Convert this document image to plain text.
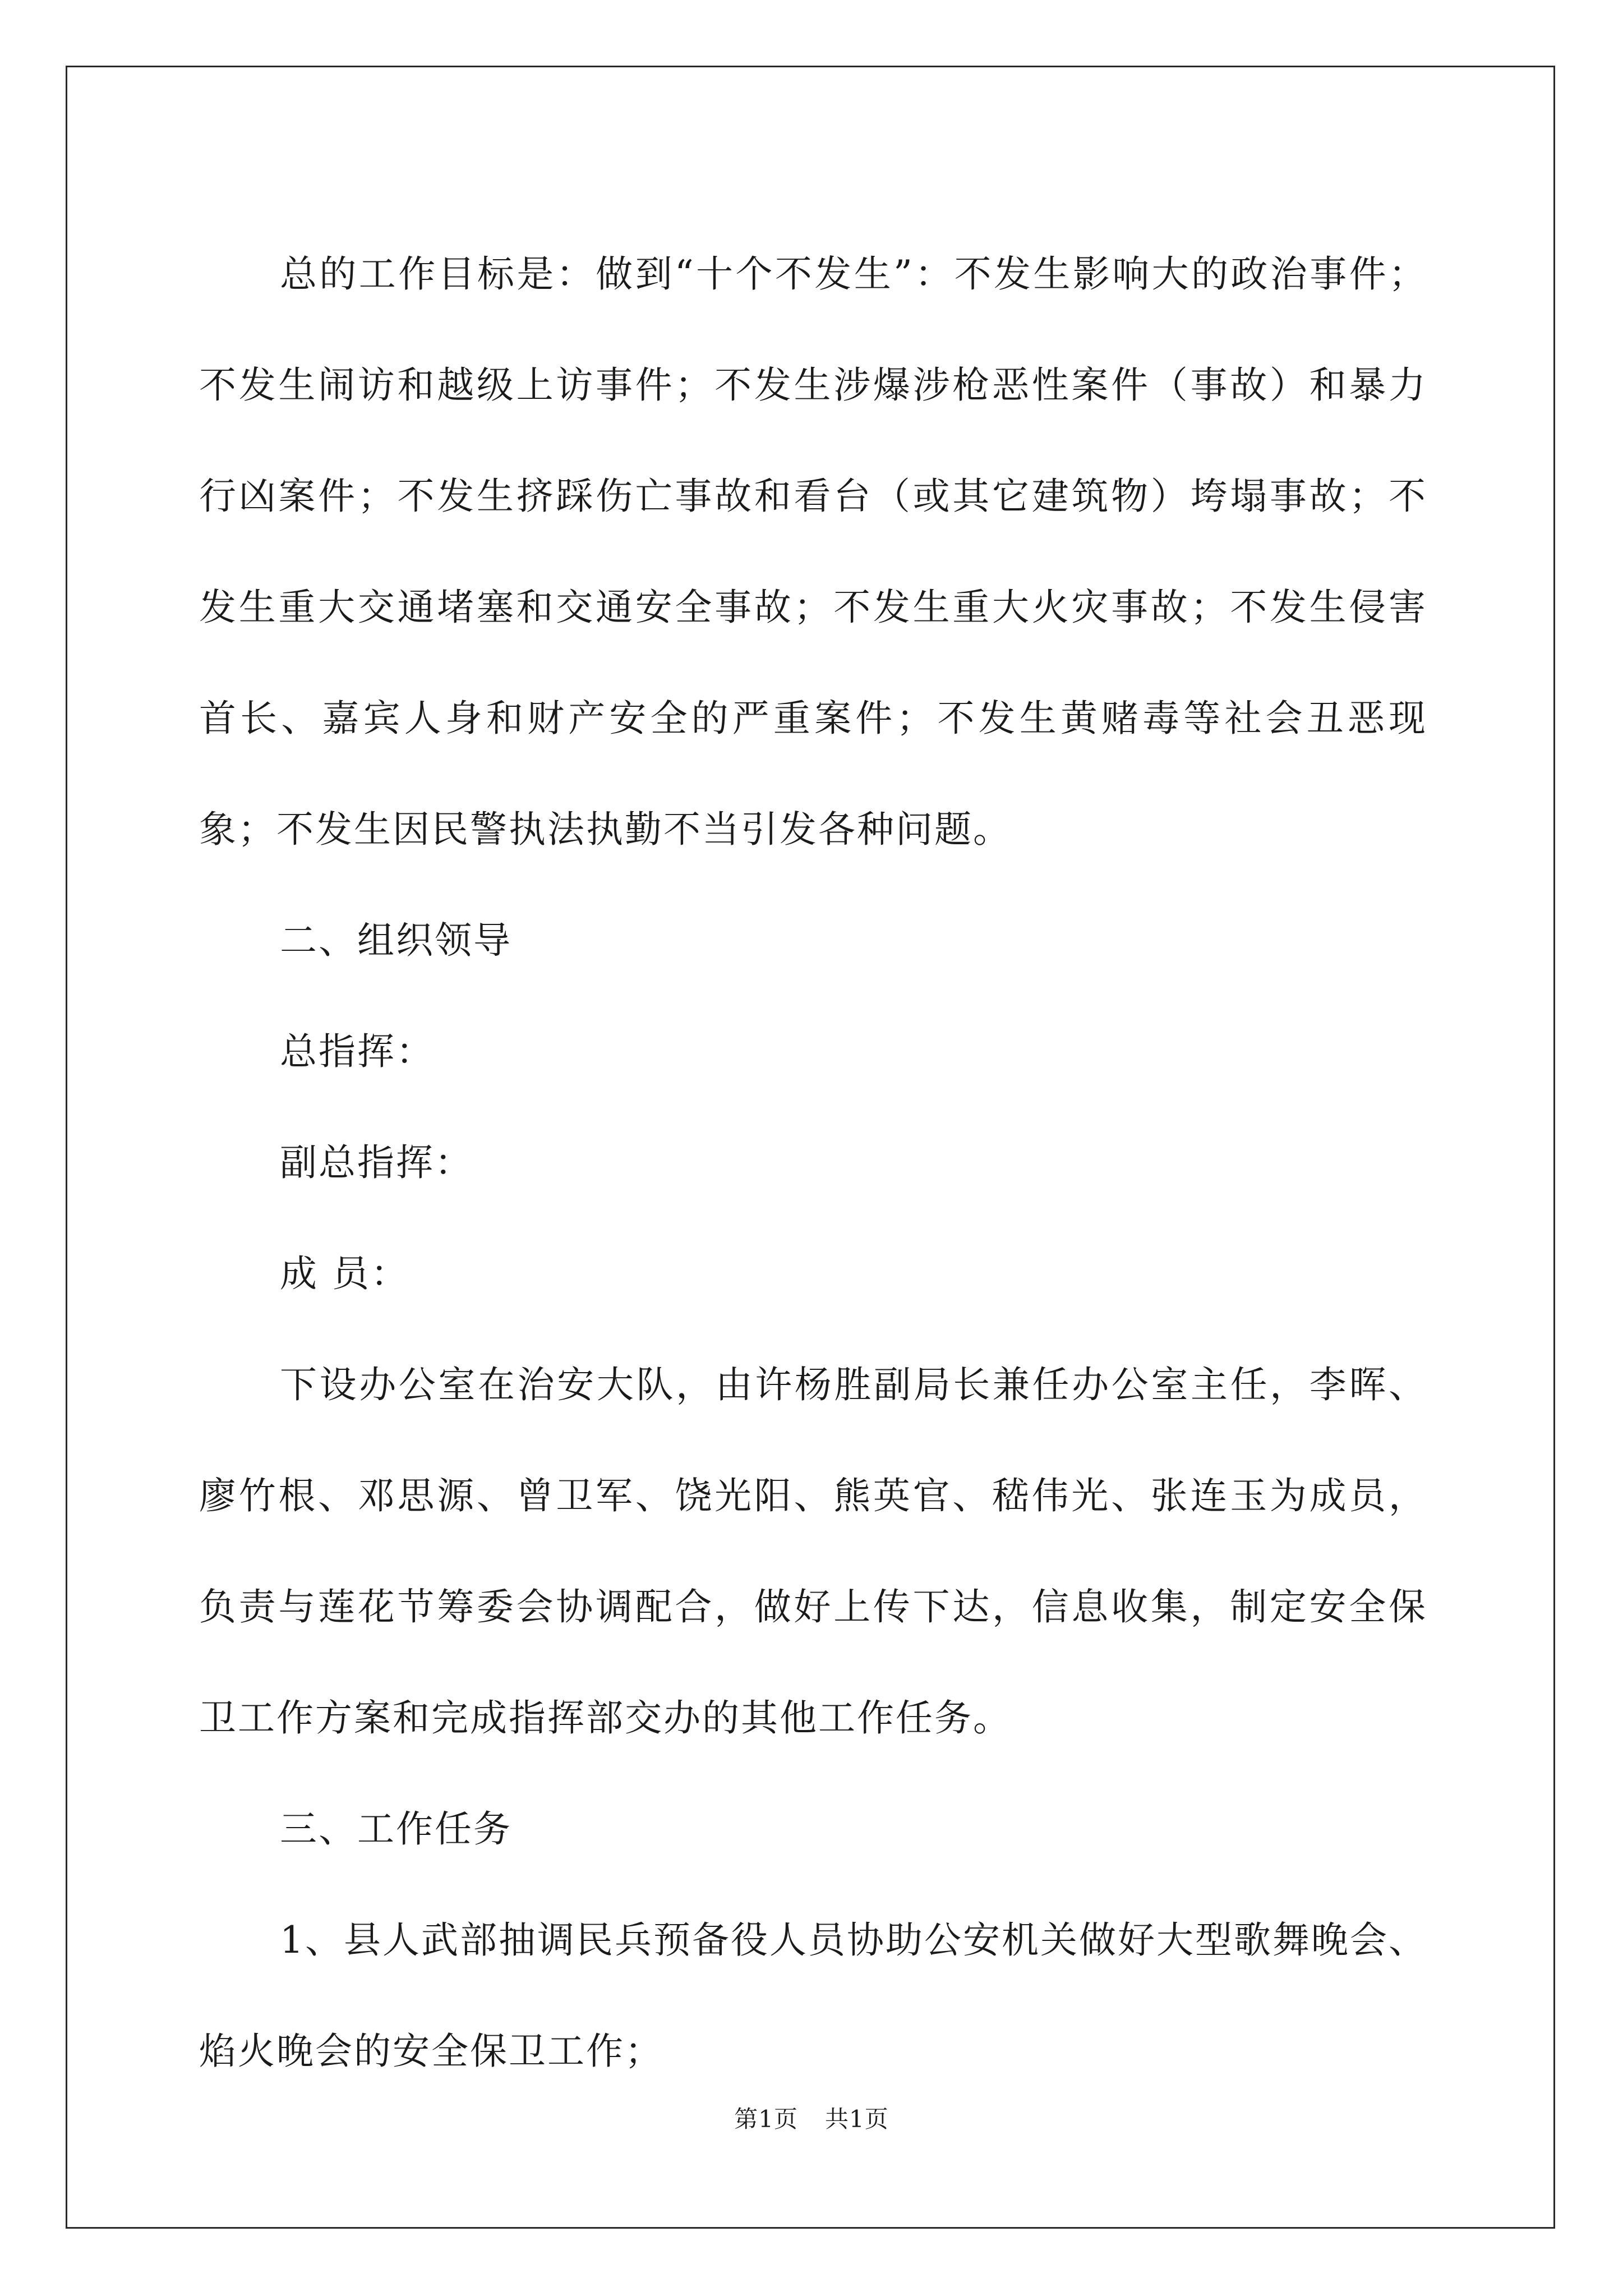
总的工作目标是：做到“十个不发生”：不发生影响大的政治事件；不发生闹访和越级上访事件；不发生涉爆涉枪恶性案件（事故）和暴力行凶案件；不发生挤踩伤亡事故和看台（或其它建筑物）垮塌事故；不发生重大交通堵塞和交通安全事故；不发生重大火灾事故；不发生侵害首长、嘉宾人身和财产安全的严重案件；不发生黄赌毒等社会丑恶现象；不发生因民警执法执勤不当引发各种问题。

二、组织领导

总指挥：

副总指挥：

成 员：

下设办公室在治安大队，由许杨胜副局长兼任办公室主任，李晖、廖竹根、邓思源、曾卫军、饶光阳、熊英官、嵇伟光、张连玉为成员，负责与莲花节筹委会协调配合，做好上传下达，信息收集，制定安全保卫工作方案和完成指挥部交办的其他工作任务。

三、工作任务

1、县人武部抽调民兵预备役人员协助公安机关做好大型歌舞晚会、焰火晚会的安全保卫工作；

第1页 共1页
